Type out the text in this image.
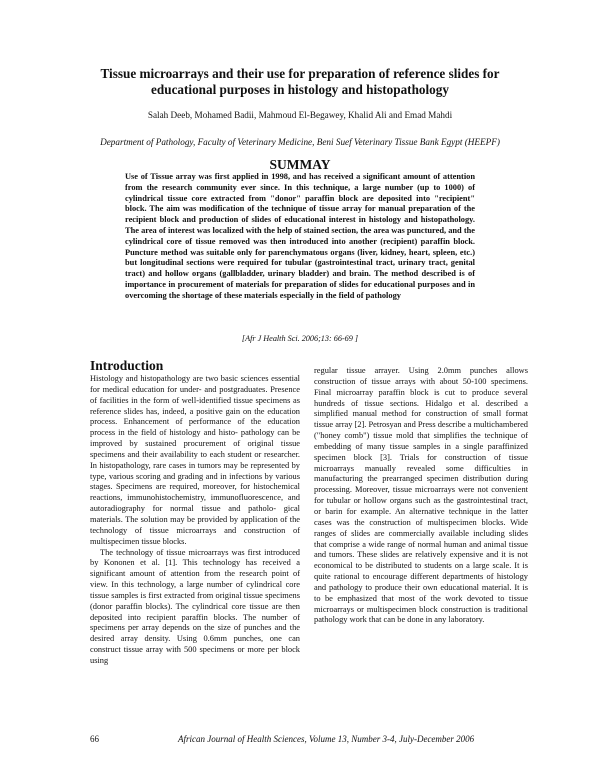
Tissue microarrays and their use for preparation of reference slides for educational purposes in histology and histopathology
Salah Deeb, Mohamed Badii, Mahmoud El-Begawey, Khalid Ali and Emad Mahdi
Department of Pathology, Faculty of Veterinary Medicine, Beni Suef Veterinary Tissue Bank Egypt (HEEPF)
SUMMAY

Use of Tissue array was first applied in 1998, and has received a significant amount of attention from the research community ever since. In this technique, a large number (up to 1000) of cylindrical tissue core extracted from "donor" paraffin block are deposited into "recipient" block. The aim was modification of the technique of tissue array for manual preparation of the recipient block and production of slides of educational interest in histology and histopathology. The area of interest was localized with the help of stained section, the area was punctured, and the cylindrical core of tissue removed was then introduced into another (recipient) paraffin block. Puncture method was suitable only for parenchymatous organs (liver, kidney, heart, spleen, etc.) but longitudinal sections were required for tubular (gastrointestinal tract, urinary tract, genital tract) and hollow organs (gallbladder, urinary bladder) and brain. The method described is of importance in procurement of materials for preparation of slides for educational purposes and in overcoming the shortage of these materials especially in the field of pathology

[Afr J Health Sci. 2006;13: 66-69 ]
Introduction

Histology and histopathology are two basic sciences essential for medical education for under- and postgraduates. Presence of facilities in the form of well-identified tissue specimens as reference slides has, indeed, a positive gain on the education process. Enhancement of performance of the education process in the field of histology and histo- pathology can be improved by sustained procurement of original tissue specimens and their availability to each student or researcher. In histopathology, rare cases in tumors may be represented by type, various scoring and grading and in infections by various stages. Specimens are required, moreover, for histochemical reactions, immunohistochemistry, immunofluorescence, and autoradiography for normal tissue and patholo- gical materials. The solution may be provided by application of the technology of tissue microarrays and construction of multispecimen tissue blocks.

The technology of tissue microarrays was first introduced by Kononen et al. [1]. This technology has received a significant amount of attention from the research point of view. In this technology, a large number of cylindrical core tissue samples is first extracted from original tissue specimens (donor paraffin blocks). The cylindrical core tissue are then deposited into recipient paraffin blocks. The number of specimens per array depends on the size of punches and the desired array density. Using 0.6mm punches, one can construct tissue array with 500 specimens or more per block using

regular tissue arrayer. Using 2.0mm punches allows construction of tissue arrays with about 50-100 specimens. Final microarray paraffin block is cut to produce several hundreds of tissue sections. Hidalgo et al. described a simplified manual method for construction of small format tissue array [2]. Petrosyan and Press describe a multichambered ("honey comb") tissue mold that simplifies the technique of embedding of many tissue samples in a single paraffinized specimen block [3]. Trials for construction of tissue microarrays manually revealed some difficulties in manufacturing the prearranged specimen distribution during processing. Moreover, tissue microarrays were not convenient for tubular or hollow organs such as the gastrointestinal tract, or barin for example. An alternative technique in the latter cases was the construction of multispecimen blocks. Wide ranges of slides are commercially available including slides that comprise a wide range of normal human and animal tissue and tumors. These slides are relatively expensive and it is not economical to be distributed to students on a large scale. It is quite rational to encourage different departments of histology and pathology to produce their own educational material. It is to be emphasized that most of the work devoted to tissue microarrays or multispecimen block construction is traditional pathology work that can be done in any laboratory.

66	African Journal of Health Sciences, Volume 13, Number 3-4, July-December 2006
